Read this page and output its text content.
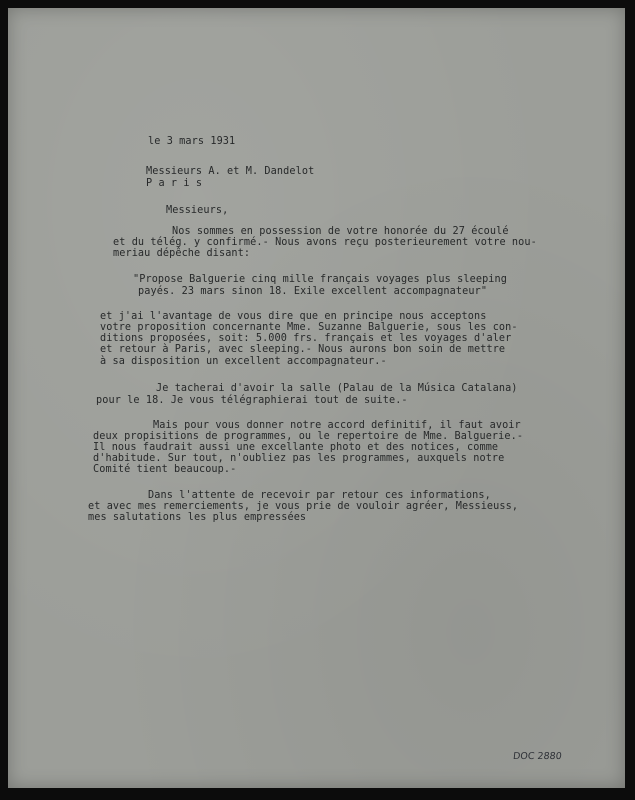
le 3 mars 1931

Messieurs A. et M. Dandelot

P a r i s

Messieurs,

Nos sommes en possession de votre honorée du 27 écoulé

et du télég. y confirmé.- Nous avons reçu posterieurement votre nou-

meriau dépêche disant:

"Propose Balguerie cinq mille français voyages plus sleeping

payés. 23 mars sinon 18. Exile excellent accompagnateur"

et j'ai l'avantage de vous dire que en principe nous acceptons

votre proposition concernante Mme. Suzanne Balguerie, sous les con-

ditions proposées, soit: 5.000 frs. français et les voyages d'aler

et retour à Paris, avec sleeping.- Nous aurons bon soin de mettre

à sa disposition un excellent accompagnateur.-

Je tacherai d'avoir la salle (Palau de la Música Catalana)

pour le 18. Je vous télégraphierai tout de suite.-

Mais pour vous donner notre accord definitif, il faut avoir

deux propisitions de programmes, ou le repertoire de Mme. Balguerie.-

Il nous faudrait aussi une excellante photo et des notices, comme

d'habitude. Sur tout, n'oubliez pas les programmes, auxquels notre

Comité tient beaucoup.-

Dans l'attente de recevoir par retour ces informations,

et avec mes remerciements, je vous prie de vouloir agréer, Messieuss,

mes salutations les plus empressées

DOC 2880
